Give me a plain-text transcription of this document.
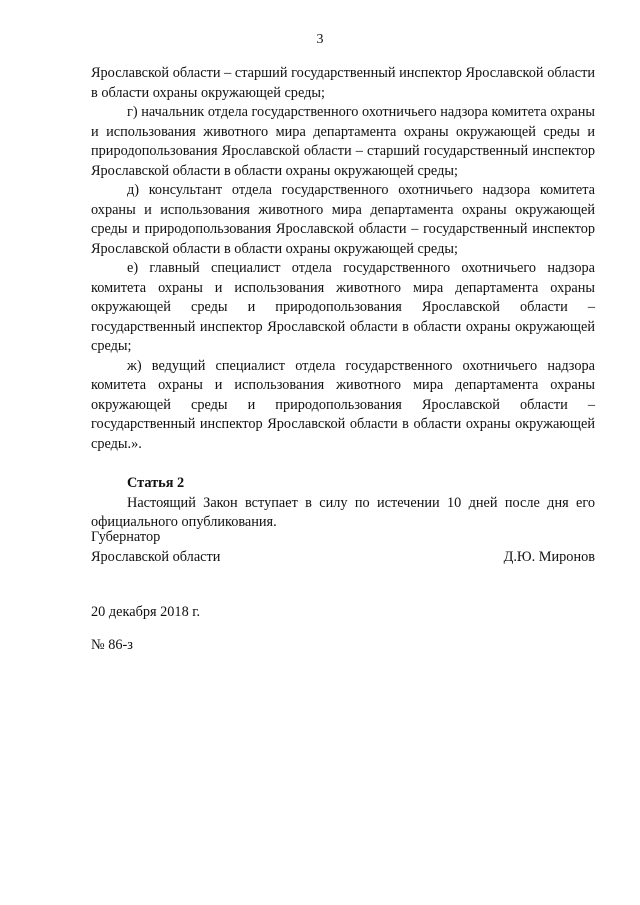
3

Ярославской области – старший государственный инспектор Ярославской области в области охраны окружающей среды;

г) начальник отдела государственного охотничьего надзора комитета охраны и использования животного мира департамента охраны окружающей среды и природопользования Ярославской области – старший государственный инспектор Ярославской области в области охраны окружающей среды;

д) консультант отдела государственного охотничьего надзора комитета охраны и использования животного мира департамента охраны окружающей среды и природопользования Ярославской области – государственный инспектор Ярославской области в области охраны окружающей среды;

е) главный специалист отдела государственного охотничьего надзора комитета охраны и использования животного мира департамента охраны окружающей среды и природопользования Ярославской области – государственный инспектор Ярославской области в области охраны окружающей среды;

ж) ведущий специалист отдела государственного охотничьего надзора комитета охраны и использования животного мира департамента охраны окружающей среды и природопользования Ярославской области – государственный инспектор Ярославской области в области охраны окружающей среды.».

Статья 2

Настоящий Закон вступает в силу по истечении 10 дней после дня его официального опубликования.

Губернатор
Ярославской области	Д.Ю. Миронов
20 декабря 2018 г.
№ 86-з
